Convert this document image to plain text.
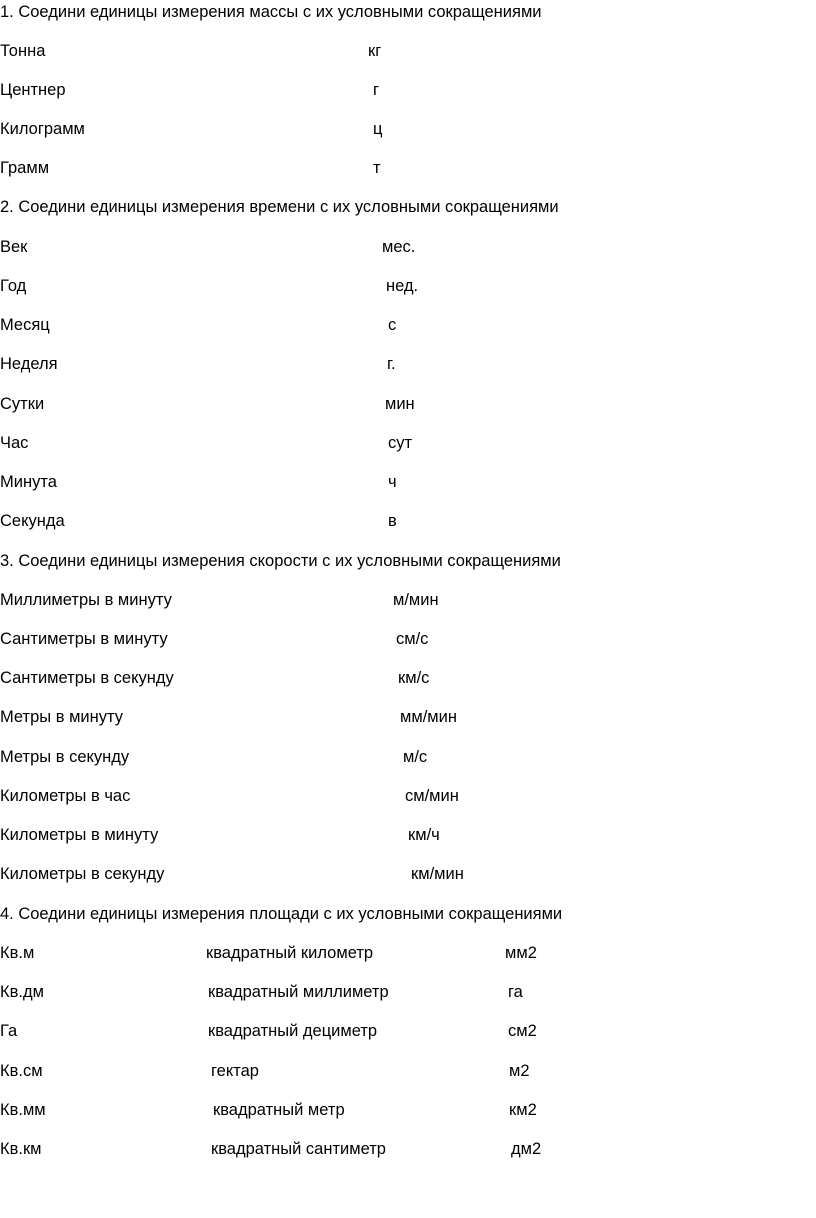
1. Соедини единицы измерения массы с их условными сокращениями
Тонна	кг
Центнер	г
Килограмм	ц
Грамм	т
2. Соедини единицы измерения времени с их условными сокращениями
Век	мес.
Год	нед.
Месяц	с
Неделя	г.
Сутки	мин
Час	сут
Минута	ч
Секунда	в
3. Соедини единицы измерения скорости с их условными сокращениями
Миллиметры в минуту	м/мин
Сантиметры в минуту	см/с
Сантиметры в секунду	км/с
Метры в минуту	мм/мин
Метры в секунду	м/с
Километры в час	см/мин
Километры в минуту	км/ч
Километры в секунду	км/мин
4. Соедини единицы измерения площади с их условными сокращениями
Кв.м	квадратный километр	мм2
Кв.дм	квадратный миллиметр	га
Га	квадратный дециметр	см2
Кв.см	гектар	м2
Кв.мм	квадратный метр	км2
Кв.км	квадратный сантиметр	дм2
